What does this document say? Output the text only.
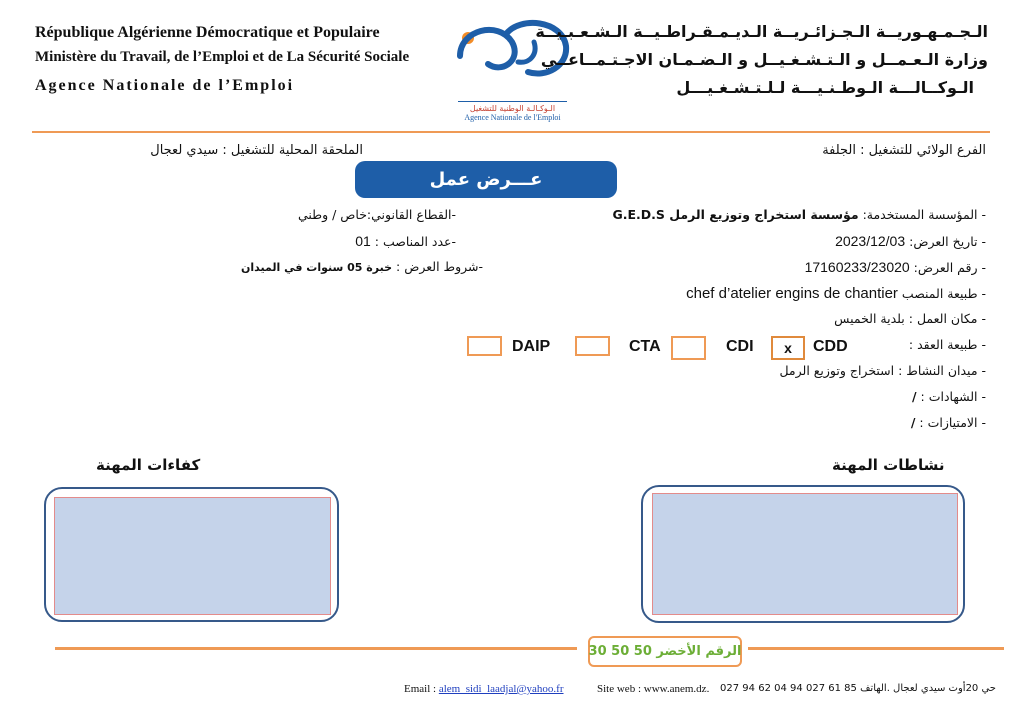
République Algérienne Démocratique et Populaire
Ministère du Travail, de l’Emploi et de La Sécurité Sociale
Agence Nationale de l’Emploi
الـوكـالـة الوطنية للتشغيل
Agence Nationale de l'Emploi
الـجـمـهـوريــة الـجـزائـريــة الـديـمـقـراطـيــة الـشـعـبـيــة
وزارة الـعـمــل و الـتـشـغـيــل و الـضـمـان الاجـتـمــاعــي
الـوكــالـــة الـوطـنـيـــة لـلـتـشـغـيـــل
الفرع الولائي للتشغيل : الجلفة
الملحقة المحلية للتشغيل : سيدي لعجال
عـــرض عمل
- المؤسسة المستخدمة: مؤسسة استخراج وتوزيع الرمل G.E.D.S
- تاريخ العرض: 2023/12/03
- رقم العرض: 17160233/23020
- طبيعة المنصب chef d’atelier engins de chantier
- مكان العمل : بلدية الخميس
- طبيعة العقد :
CDD
x
CDI
CTA
DAIP
- ميدان النشاط : استخراج وتوزيع الرمل
- الشهادات : /
- الامتيازات : /
-القطاع القانوني:خاص / وطني
-عدد المناصب : 01
-شروط العرض : خبرة 05 سنوات في الميدان
نشاطات المهنة
كفاءات المهنة
الرقم الأخضر 50 50 30
Email : alem_sidi_laadjal@yahoo.fr	Site web : www.anem.dz. حي 20أوت سيدي لعجال .الهاتف 85 61 027 94 04 62 94 027
